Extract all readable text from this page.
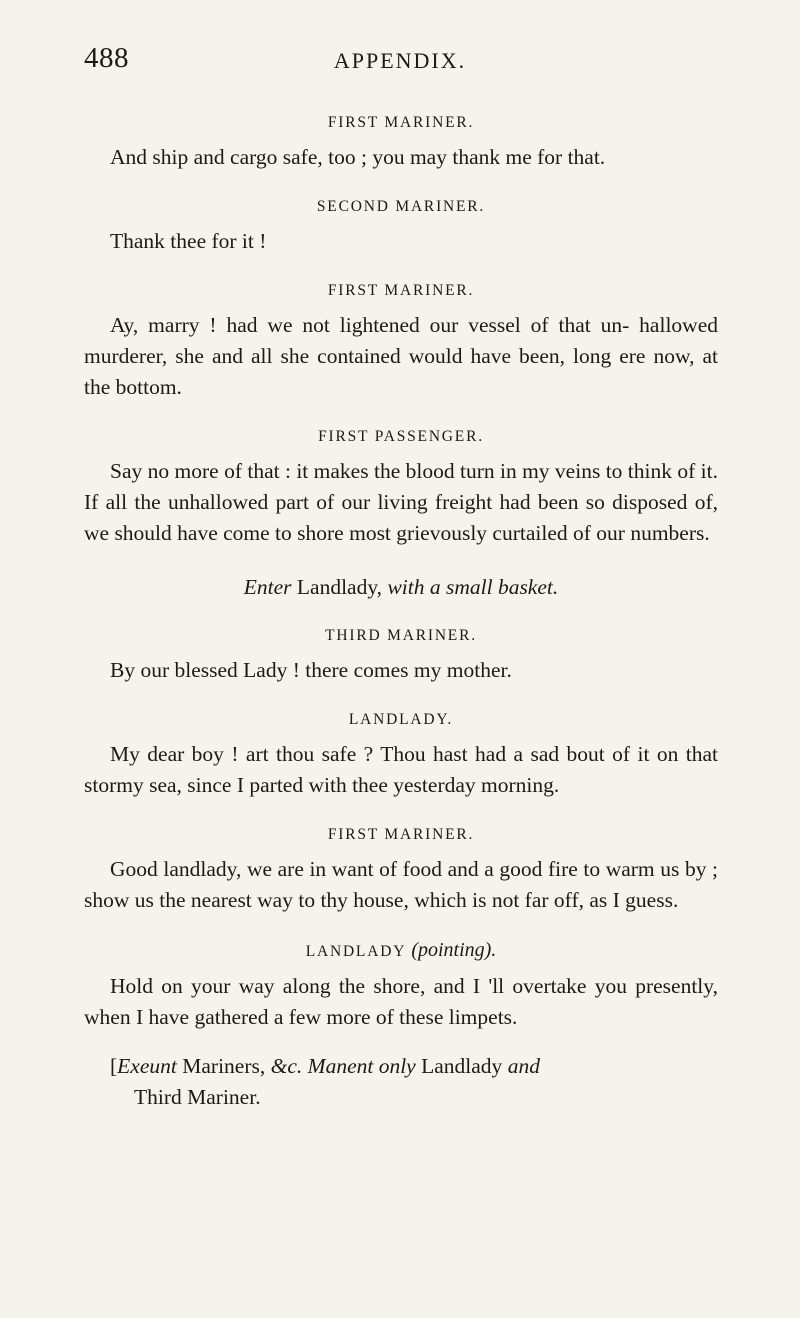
488	APPENDIX.
FIRST MARINER.

And ship and cargo safe, too ; you may thank me for that.

SECOND MARINER.

Thank thee for it !

FIRST MARINER.

Ay, marry ! had we not lightened our vessel of that un- hallowed murderer, she and all she contained would have been, long ere now, at the bottom.

FIRST PASSENGER.

Say no more of that : it makes the blood turn in my veins to think of it. If all the unhallowed part of our living freight had been so disposed of, we should have come to shore most grievously curtailed of our numbers.

Enter Landlady, with a small basket.

THIRD MARINER.

By our blessed Lady ! there comes my mother.

LANDLADY.

My dear boy ! art thou safe ? Thou hast had a sad bout of it on that stormy sea, since I parted with thee yesterday morning.

FIRST MARINER.

Good landlady, we are in want of food and a good fire to warm us by ; show us the nearest way to thy house, which is not far off, as I guess.

LANDLADY (pointing).

Hold on your way along the shore, and I 'll overtake you presently, when I have gathered a few more of these limpets.

[Exeunt Mariners, &c. Manent only Landlady and
Third Mariner.
